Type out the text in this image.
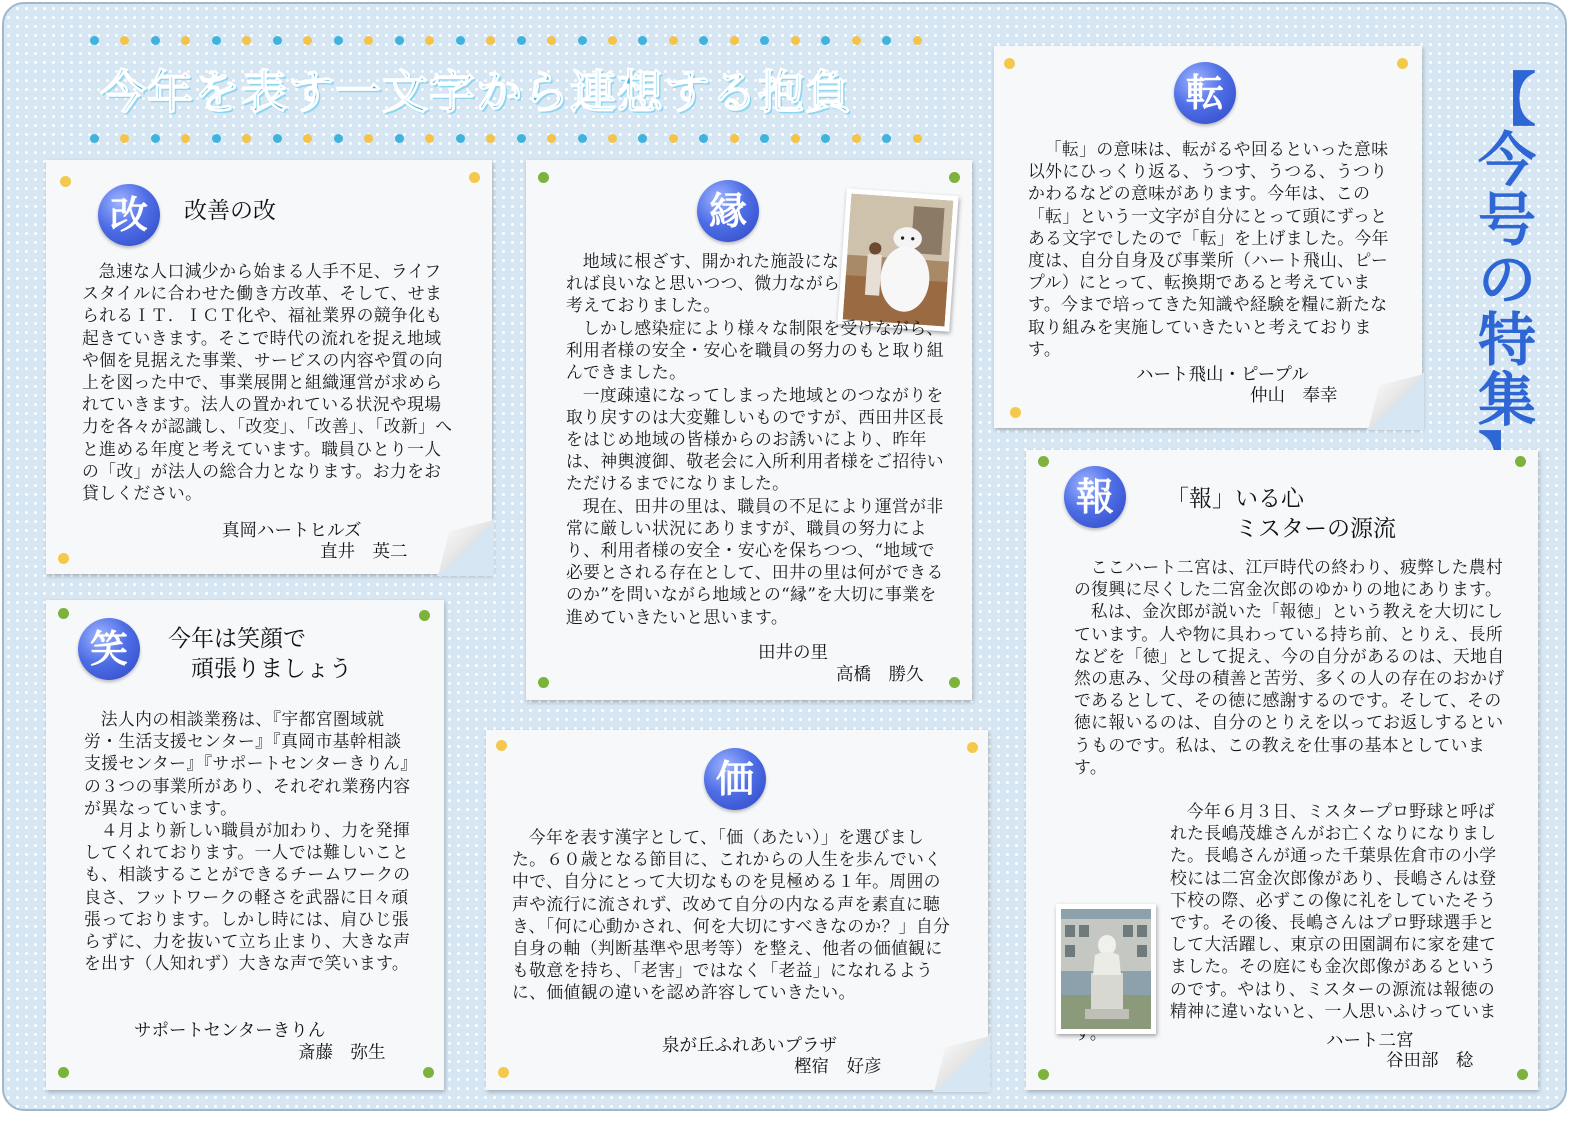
今年を表す一文字から連想する抱負	【
今
号
の
特
集
改	改善の改

急速な人口減少から始まる人手不足、ライフスタイルに合わせた働き方改革、そして、せまられるＩＴ．ＩＣＴ化や、福祉業界の競争化も起きていきます。そこで時代の流れを捉え地域や個を見据えた事業、サービスの内容や質の向上を図った中で、事業展開と組織運営が求められていきます。法人の置かれている状況や現場力を各々が認識し、「改変」、「改善」、「改新」へと進める年度と考えています。職員ひとり一人の「改」が法人の総合力となります。お力をお貸しください。

真岡ハートヒルズ
直井　英二
縁

地域に根ざす、開かれた施設になれば良いなと思いつつ、微力ながら考えておりました。

しかし感染症により様々な制限を受けながら、利用者様の安全・安心を職員の努力のもと取り組んできました。

一度疎遠になってしまった地域とのつながりを取り戻すのは大変難しいものですが、西田井区長をはじめ地域の皆様からのお誘いにより、昨年は、神輿渡御、敬老会に入所利用者様をご招待いただけるまでになりました。

現在、田井の里は、職員の不足により運営が非常に厳しい状況にありますが、職員の努力により、利用者様の安全・安心を保ちつつ、“地域で必要とされる存在として、田井の里は何ができるのか”を問いながら地域との“縁”を大切に事業を進めていきたいと思います。

田井の里
高橋　勝久
転

「転」の意味は、転がるや回るといった意味以外にひっくり返る、うつす、うつる、うつりかわるなどの意味があります。今年は、この「転」という一文字が自分にとって頭にずっとある文字でしたので「転」を上げました。今年度は、自分自身及び事業所（ハート飛山、ピープル）にとって、転換期であると考えています。今まで培ってきた知識や経験を糧に新たな取り組みを実施していきたいと考えております。

ハート飛山・ピープル
仲山　奉幸
笑	今年は笑顔で
　頑張りましょう

法人内の相談業務は、『宇都宮圏域就労・生活支援センター』『真岡市基幹相談支援センター』『サポートセンターきりん』の３つの事業所があり、それぞれ業務内容が異なっています。

４月より新しい職員が加わり、力を発揮してくれております。一人では難しいことも、相談することができるチームワークの良さ、フットワークの軽さを武器に日々頑張っております。しかし時には、肩ひじ張らずに、力を抜いて立ち止まり、大きな声を出す（人知れず）大きな声で笑います。

サポートセンターきりん
斎藤　弥生
価

今年を表す漢字として、「価（あたい）」を選びました。６０歳となる節目に、これからの人生を歩んでいく中で、自分にとって大切なものを見極める１年。周囲の声や流行に流されず、改めて自分の内なる声を素直に聴き、「何に心動かされ、何を大切にすべきなのか？」自分自身の軸（判断基準や思考等）を整え、他者の価値観にも敬意を持ち、「老害」ではなく「老益」になれるように、価値観の違いを認め許容していきたい。

泉が丘ふれあいプラザ
樫宿　好彦
報	「報」いる心
　　　ミスターの源流

ここハート二宮は、江戸時代の終わり、疲弊した農村の復興に尽くした二宮金次郎のゆかりの地にあります。

私は、金次郎が説いた「報徳」という教えを大切にしています。人や物に具わっている持ち前、とりえ、長所などを「徳」として捉え、今の自分があるのは、天地自然の恵み、父母の積善と苦労、多くの人の存在のおかげであるとして、その徳に感謝するのです。そして、その徳に報いるのは、自分のとりえを以ってお返しするというものです。私は、この教えを仕事の基本としています。

今年６月３日、ミスタープロ野球と呼ばれた長嶋茂雄さんがお亡くなりになりました。長嶋さんが通った千葉県佐倉市の小学校には二宮金次郎像があり、長嶋さんは登下校の際、必ずこの像に礼をしていたそうです。その後、長嶋さんはプロ野球選手として大活躍し、東京の田園調布に家を建てました。その庭にも金次郎像があるというのです。やはり、ミスターの源流は報徳の精神に違いないと、一人思いふけっていま

ハート二宮
谷田部　稔
